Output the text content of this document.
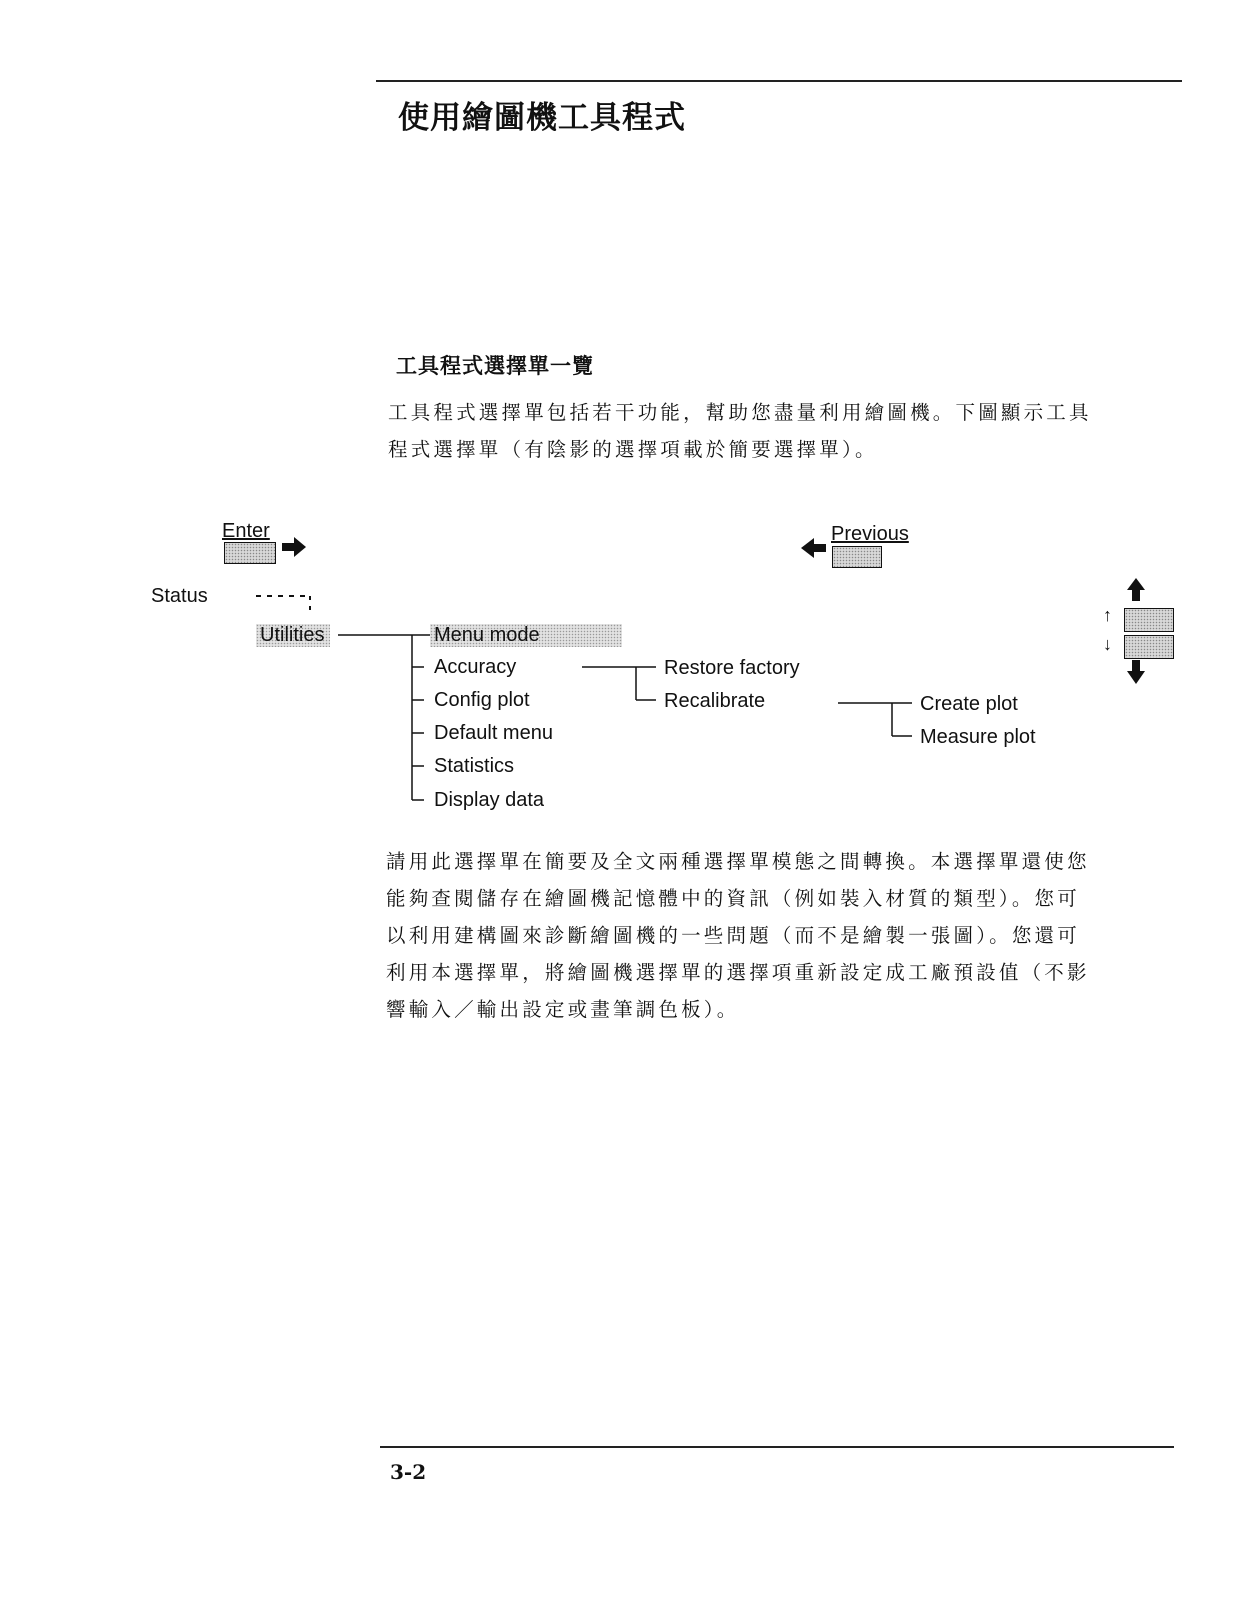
使用繪圖機工具程式
工具程式選擇單一覽
工具程式選擇單包括若干功能，幫助您盡量利用繪圖機。下圖顯示工具
程式選擇單（有陰影的選擇項載於簡要選擇單）。
Enter	Previous
↑
↓
Status
Utilities	Menu mode
Accuracy
Config plot
Default menu
Statistics
Display data
Restore factory
Recalibrate	Create plot
Measure plot
請用此選擇單在簡要及全文兩種選擇單模態之間轉換。本選擇單還使您
能夠查閱儲存在繪圖機記憶體中的資訊（例如裝入材質的類型）。您可
以利用建構圖來診斷繪圖機的一些問題（而不是繪製一張圖）。您還可
利用本選擇單，將繪圖機選擇單的選擇項重新設定成工廠預設值（不影
響輸入／輸出設定或畫筆調色板）。
3-2
